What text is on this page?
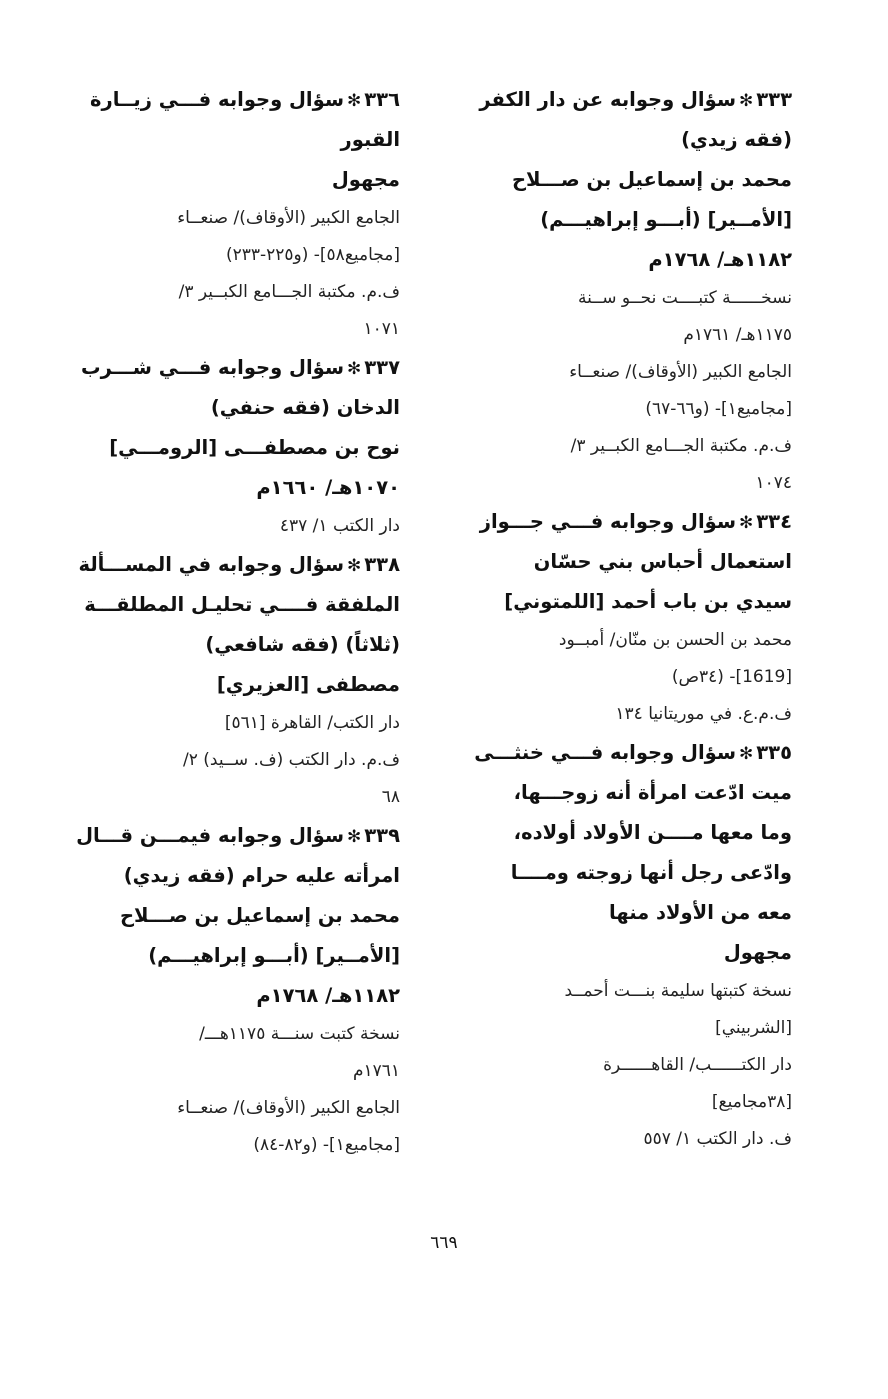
٣٣٣✻سؤال وجوابه عن دار الكفر
(فقه زيدي)
محمد بن إسماعيل بن صـــلاح
[الأمــير] (أبـــو إبراهيـــم)
١١٨٢هـ/ ١٧٦٨م
نسخــــــة كتبــــت نحــو ســنة
١١٧٥هـ/ ١٧٦١م
الجامع الكبير (الأوقاف)/ صنعــاء
[مجاميع١]- (و٦٦-٦٧)
ف.م. مكتبة الجـــامع الكبــير ٣/
١٠٧٤
٣٣٤✻سؤال وجوابه فـــي جـــواز
استعمال أحباس بني حسّان
سيدي بن باب أحمد [اللمتوني]
محمد بن الحسن بن منّان/ أمبــود
[1619]- (٣٤ص)
ف.م.ع. في موريتانيا ١٣٤
٣٣٥✻سؤال وجوابه فـــي خنثـــى
ميت ادّعت امرأة أنه زوجـــها،
وما معها مــــن الأولاد أولاده،
وادّعى رجل أنها زوجته ومــــا
معه من الأولاد منها
مجهول
نسخة كتبتها سليمة بنـــت أحمــد
[الشربيني]
دار الكتــــــب/ القاهــــــرة
[٣٨مجاميع]
ف. دار الكتب ١/ ٥٥٧
٣٣٦✻سؤال وجوابه فـــي زيــارة
القبور
مجهول
الجامع الكبير (الأوقاف)/ صنعــاء
[مجاميع٥٨]- (و٢٢٥-٢٣٣)
ف.م. مكتبة الجـــامع الكبــير ٣/
١٠٧١
٣٣٧✻سؤال وجوابه فـــي شـــرب
الدخان (فقه حنفي)
نوح بن مصطفـــى [الرومـــي]
١٠٧٠هـ/ ١٦٦٠م
دار الكتب ١/ ٤٣٧
٣٣٨✻سؤال وجوابه في المســـألة
الملفقة فــــي تحليـل المطلقـــة
(ثلاثاً) (فقه شافعي)
مصطفى [العزيري]
دار الكتب/ القاهرة [٥٦١]
ف.م. دار الكتب (ف. ســيد) ٢/
٦٨
٣٣٩✻سؤال وجوابه فيمـــن قـــال
امرأته عليه حرام (فقه زيدي)
محمد بن إسماعيل بن صـــلاح
[الأمــير] (أبـــو إبراهيـــم)
١١٨٢هـ/ ١٧٦٨م
نسخة كتبت سنـــة ١١٧٥هـــ/
١٧٦١م
الجامع الكبير (الأوقاف)/ صنعــاء
[مجاميع١]- (و٨٢-٨٤)
٦٦٩
